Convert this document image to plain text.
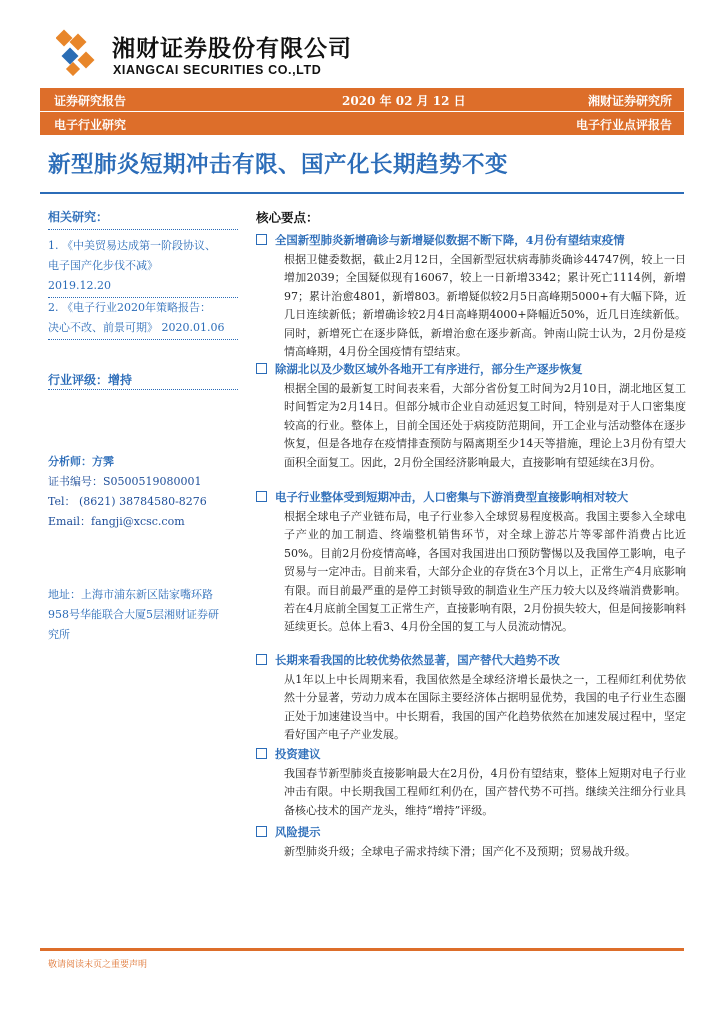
湘财证券股份有限公司
XIANGCAI SECURITIES CO.,LTD
证券研究报告	2020 年 02 月 12 日	湘财证券研究所
电子行业研究	电子行业点评报告
新型肺炎短期冲击有限、国产化长期趋势不变
相关研究：
1. 《中美贸易达成第一阶段协议、
电子国产化步伐不减》
2019.12.20
2. 《电子行业2020年策略报告：
决心不改、前景可期》 2020.01.06
行业评级：增持
分析师：方霁
证书编号：S0500519080001
Tel： (8621) 38784580-8276
Email：fangji@xcsc.com
地址：上海市浦东新区陆家嘴环路
958号华能联合大厦5层湘财证券研
究所
核心要点：
全国新型肺炎新增确诊与新增疑似数据不断下降，4月份有望结束疫情
根据卫健委数据，截止2月12日，全国新型冠状病毒肺炎确诊44747例，较上一日增加2039；全国疑似现有16067，较上一日新增3342；累计死亡1114例，新增97；累计治愈4801，新增803。新增疑似较2月5日高峰期5000+有大幅下降，近几日连续新低；新增确诊较2月4日高峰期4000+降幅近50%，近几日连续新低。同时，新增死亡在逐步降低，新增治愈在逐步新高。钟南山院士认为，2月份是疫情高峰期，4月份全国疫情有望结束。
除湖北以及少数区域外各地开工有序进行，部分生产逐步恢复
根据全国的最新复工时间表来看，大部分省份复工时间为2月10日，湖北地区复工时间暂定为2月14日。但部分城市企业自动延迟复工时间，特别是对于人口密集度较高的行业。整体上，目前全国还处于病疫防范期间，开工企业与活动整体在逐步恢复，但是各地存在疫情排查预防与隔离期至少14天等措施，理论上3月份有望大面积全面复工。因此，2月份全国经济影响最大，直接影响有望延续在3月份。
电子行业整体受到短期冲击，人口密集与下游消费型直接影响相对较大
根据全球电子产业链布局，电子行业参入全球贸易程度极高。我国主要参入全球电子产业的加工制造、终端整机销售环节，对全球上游芯片等零部件消费占比近50%。目前2月份疫情高峰，各国对我国进出口预防警惕以及我国停工影响，电子贸易与一定冲击。目前来看，大部分企业的存货在3个月以上，正常生产4月底影响有限。而目前最严重的是停工封锁导致的制造业生产压力较大以及终端消费影响。若在4月底前全国复工正常生产，直接影响有限，2月份损失较大，但是间接影响料延续更长。总体上看3、4月份全国的复工与人员流动情况。
长期来看我国的比较优势依然显著，国产替代大趋势不改
从1年以上中长周期来看，我国依然是全球经济增长最快之一，工程师红利优势依然十分显著，劳动力成本在国际主要经济体占据明显优势，我国的电子行业生态圈正处于加速建设当中。中长期看，我国的国产化趋势依然在加速发展过程中，坚定看好国产电子产业发展。
投资建议
我国春节新型肺炎直接影响最大在2月份，4月份有望结束，整体上短期对电子行业冲击有限。中长期我国工程师红利仍在，国产替代势不可挡。继续关注细分行业具备核心技术的国产龙头，维持“增持”评级。
风险提示
新型肺炎升级；全球电子需求持续下滑；国产化不及预期；贸易战升级。
敬请阅读末页之重要声明
